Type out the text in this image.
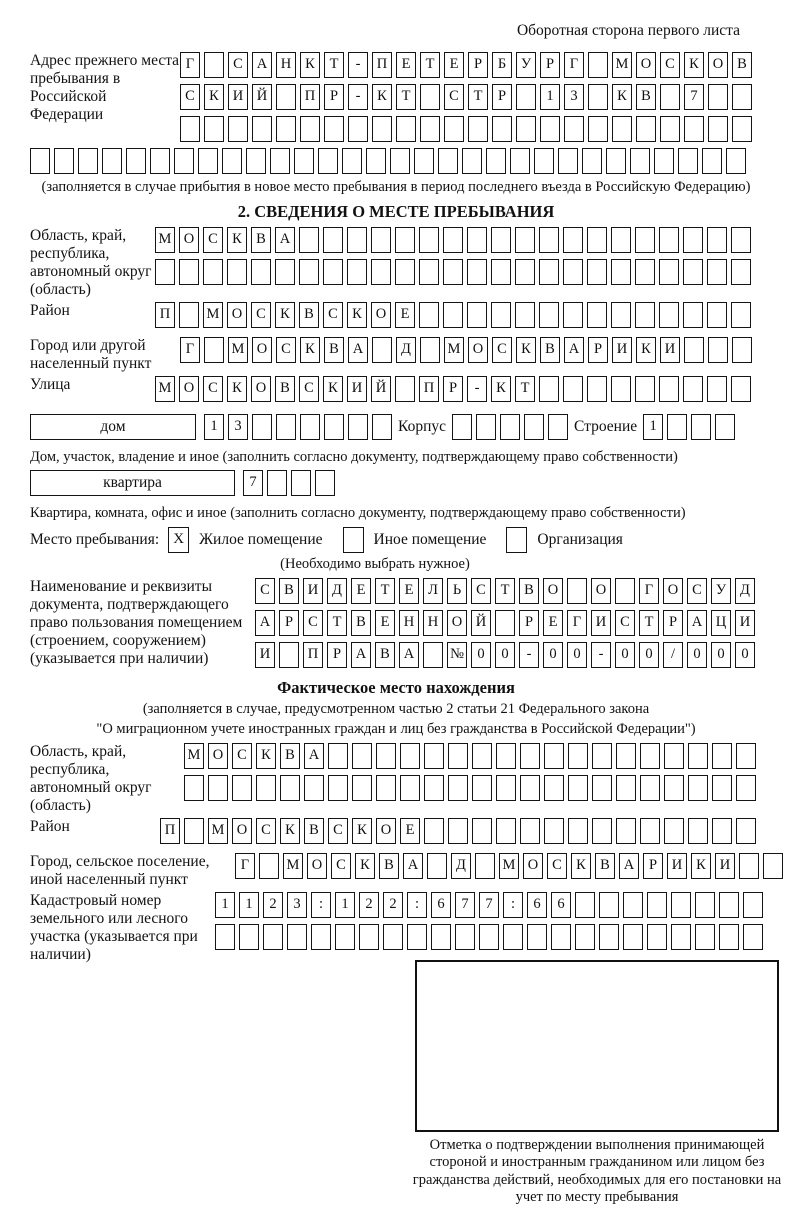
Оборотная сторона первого листа
Адрес прежнего места пребывания в Российской Федерации
Г	С А Н К Т - П Е Т Е Р Б У Р Г	М О С К О В
С К И Й	П Р - К Т	С Т Р	1 3	К В	7
(заполняется в случае прибытия в новое место пребывания в период последнего въезда в Российскую Федерацию)
2. СВЕДЕНИЯ О МЕСТЕ ПРЕБЫВАНИЯ
Область, край, республика, автономный округ (область)
М О С К В А
Район	П	М О С К В С К О Е
Город или другой населенный пункт
Г	М О С К В А	Д	М О С К В А Р И К И
Улица	М О С К О В С К И Й	П Р - К Т
дом	1 3	Корпус	Строение 1
Дом, участок, владение и иное (заполнить согласно документу, подтверждающему право собственности)
квартира	7
Квартира, комната, офис и иное (заполнить согласно документу, подтверждающему право собственности)
Место пребывания: X Жилое помещение	Иное помещение	Организация
(Необходимо выбрать нужное)
Наименование и реквизиты документа, подтверждающего право пользования помещением (строением, сооружением) (указывается при наличии)
С В И Д Е Т Е Л Ь С Т В О	О	Г О С У Д
А Р С Т В Е Н Н О Й	Р Е Г И С Т Р А Ц И
И	П Р А В А № 0 0 - 0 0 - 0 0 / 0 0 0
Фактическое место нахождения
(заполняется в случае, предусмотренном частью 2 статьи 21 Федерального закона
"О миграционном учете иностранных граждан и лиц без гражданства в Российской Федерации")
Область, край, республика, автономный округ (область)
М О С К В А
Район	П	М О С К В С К О Е
Город, сельское поселение, иной населенный пункт
Г	М О С К В А	Д	М О С К В А Р И К И
Кадастровый номер земельного или лесного участка (указывается при наличии)
1 1 2 3 : 1 2 2 : 6 7 7 : 6 6
Отметка о подтверждении выполнения принимающей стороной и иностранным гражданином или лицом без гражданства действий, необходимых для его постановки на учет по месту пребывания
